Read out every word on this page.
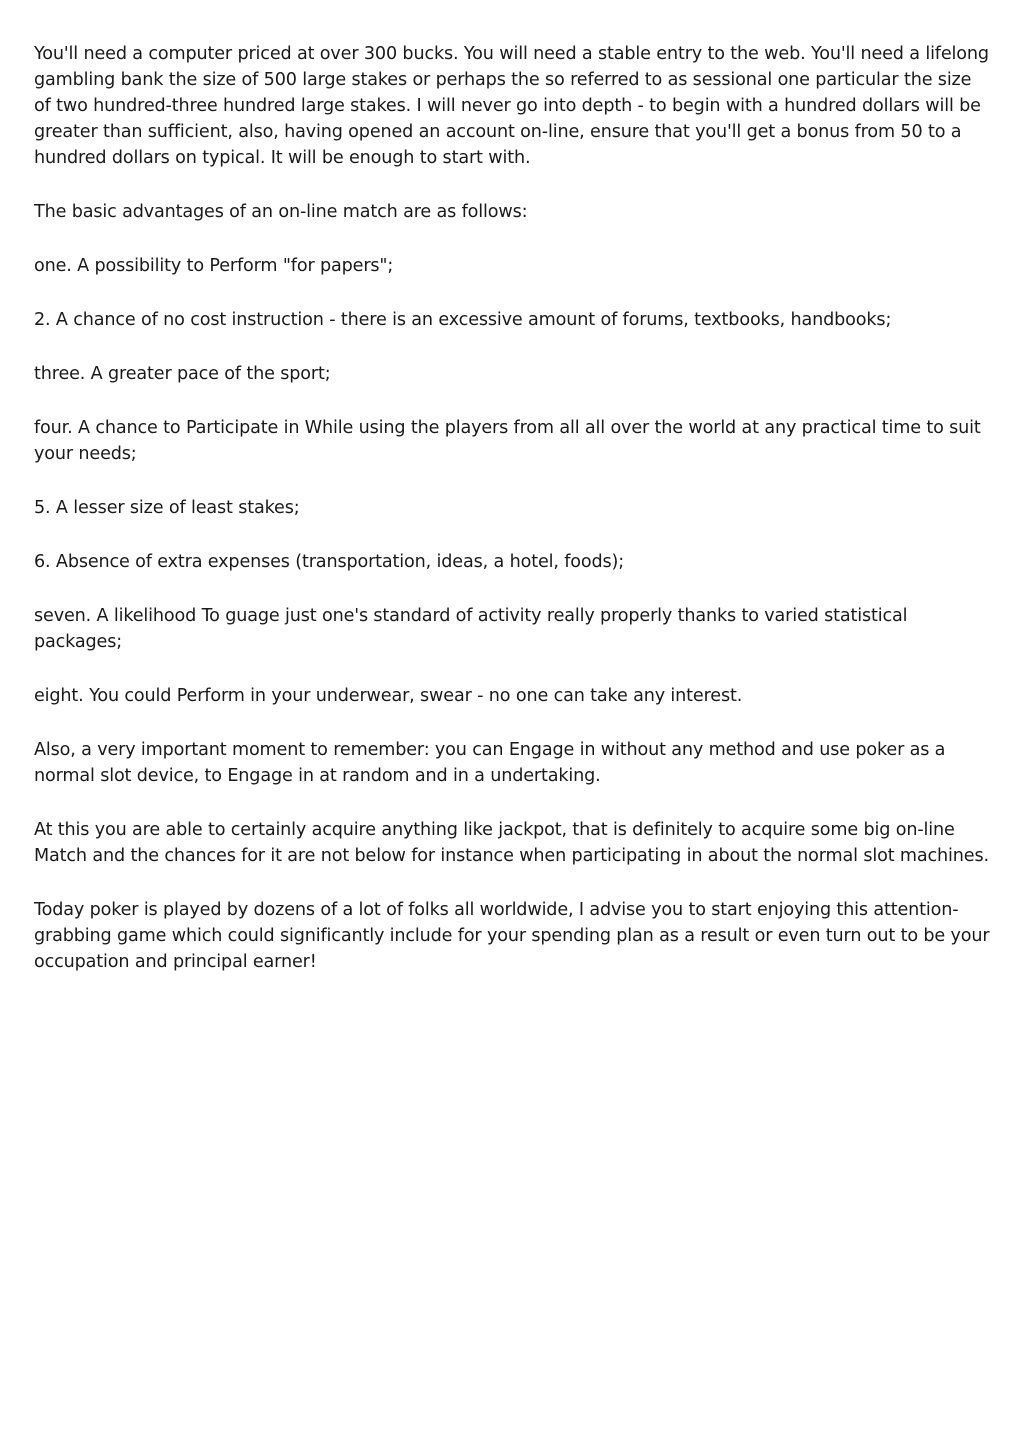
You'll need a computer priced at over 300 bucks. You will need a stable entry to the web. You'll need a lifelong gambling bank the size of 500 large stakes or perhaps the so referred to as sessional one particular the size of two hundred-three hundred large stakes. I will never go into depth - to begin with a hundred dollars will be greater than sufficient, also, having opened an account on-line, ensure that you'll get a bonus from 50 to a hundred dollars on typical. It will be enough to start with.

The basic advantages of an on-line match are as follows:

one. A possibility to Perform "for papers";

2. A chance of no cost instruction - there is an excessive amount of forums, textbooks, handbooks;

three. A greater pace of the sport;

four. A chance to Participate in While using the players from all all over the world at any practical time to suit your needs;

5. A lesser size of least stakes;

6. Absence of extra expenses (transportation, ideas, a hotel, foods);

seven. A likelihood To guage just one's standard of activity really properly thanks to varied statistical packages;

eight. You could Perform in your underwear, swear - no one can take any interest.

Also, a very important moment to remember: you can Engage in without any method and use poker as a normal slot device, to Engage in at random and in a undertaking.

At this you are able to certainly acquire anything like jackpot, that is definitely to acquire some big on-line Match and the chances for it are not below for instance when participating in about the normal slot machines.

Today poker is played by dozens of a lot of folks all worldwide, I advise you to start enjoying this attention-grabbing game which could significantly include for your spending plan as a result or even turn out to be your occupation and principal earner!
